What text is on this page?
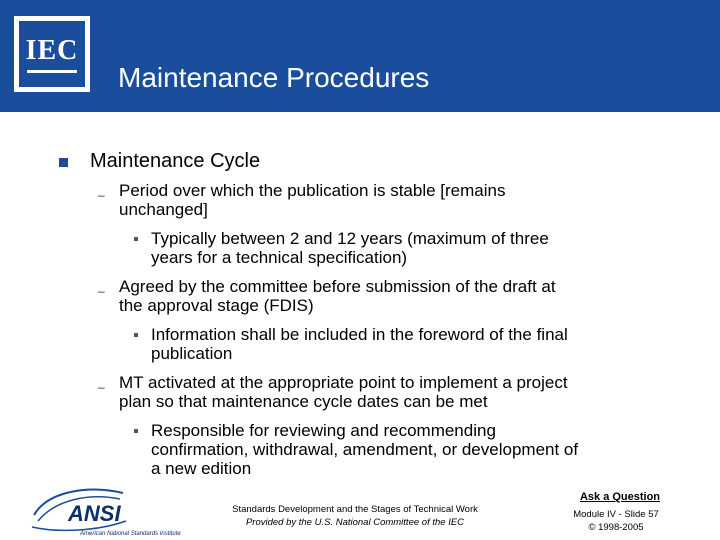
IEC
Maintenance Procedures
Maintenance Cycle
– Period over which the publication is stable [remains
unchanged]
Typically between 2 and 12 years (maximum of three
years for a technical specification)
– Agreed by the committee before submission of the draft at
the approval stage (FDIS)
Information shall be included in the foreword of the final
publication
– MT activated at the appropriate point to implement a project
plan so that maintenance cycle dates can be met
Responsible for reviewing and recommending
confirmation, withdrawal, amendment, or development of
a new edition
ANSI
American National Standards Institute
Standards Development and the Stages of Technical Work
Provided by the U.S. National Committee of the IEC
Ask a Question
Module IV - Slide 57
© 1998-2005
